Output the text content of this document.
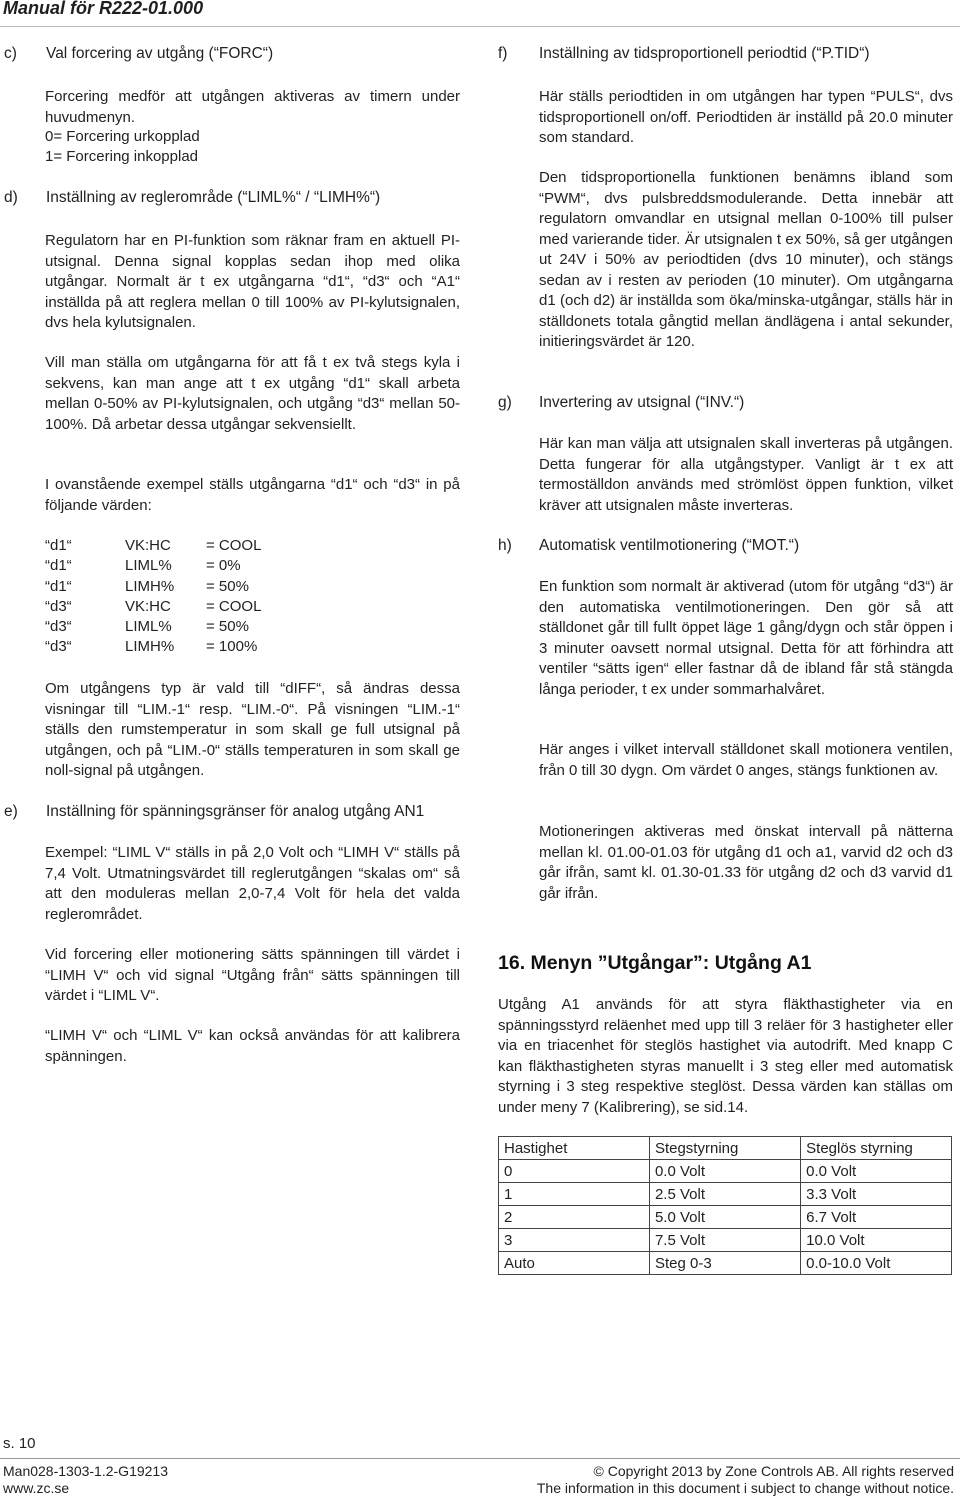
Manual för R222-01.000
c) Val forcering av utgång (“FORC“)
Forcering medför att utgången aktiveras av timern under huvudmenyn.
0= Forcering urkopplad
1= Forcering inkopplad
d) Inställning av reglerområde (“LIML%“ / “LIMH%“)
Regulatorn har en PI-funktion som räknar fram en aktuell PI-utsignal. Denna signal kopplas sedan ihop med olika utgångar. Normalt är t ex utgångarna “d1“, “d3“ och “A1“ inställda på att reglera mellan 0 till 100% av PI-kylutsignalen, dvs hela kylutsignalen.
Vill man ställa om utgångarna för att få t ex två stegs kyla i sekvens, kan man ange att t ex utgång “d1“ skall arbeta mellan 0-50% av PI-kylutsignalen, och utgång “d3“ mellan 50-100%. Då arbetar dessa utgångar sekvensiellt.
I ovanstående exempel ställs utgångarna “d1“ och “d3“ in på följande värden:
“d1“	VK:HC = COOL
“d1“	LIML% = 0%
“d1“	LIMH% = 50%
“d3“	VK:HC = COOL
“d3“	LIML% = 50%
“d3“	LIMH% = 100%
Om utgångens typ är vald till “dIFF“, så ändras dessa visningar till “LIM.-1“ resp. “LIM.-0“. På visningen “LIM.-1“ ställs den rumstemperatur in som skall ge full utsignal på utgången, och på “LIM.-0“ ställs temperaturen in som skall ge noll-signal på utgången.
e) Inställning för spänningsgränser för analog utgång AN1
Exempel: “LIML V“ ställs in på 2,0 Volt och “LIMH V“ ställs på 7,4 Volt. Utmatningsvärdet till reglerutgången “skalas om“ så att den moduleras mellan 2,0-7,4 Volt för hela det valda reglerområdet.
Vid forcering eller motionering sätts spänningen till värdet i “LIMH V“ och vid signal “Utgång från“ sätts spänningen till värdet i “LIML V“.
“LIMH V“ och “LIML V“ kan också användas för att kalibrera spänningen.
f) Inställning av tidsproportionell periodtid (“P.TID“)
Här ställs periodtiden in om utgången har typen “PULS“, dvs tidsproportionell on/off. Periodtiden är inställd på 20.0 minuter som standard.
Den tidsproportionella funktionen benämns ibland som “PWM“, dvs pulsbreddsmodulerande. Detta innebär att regulatorn omvandlar en utsignal mellan 0-100% till pulser med varierande tider. Är utsignalen t ex 50%, så ger utgången ut 24V i 50% av periodtiden (dvs 10 minuter), och stängs sedan av i resten av perioden (10 minuter). Om utgångarna d1 (och d2) är inställda som öka/minska-utgångar, ställs här in ställdonets totala gångtid mellan ändlägena i antal sekunder, initieringsvärdet är 120.
g) Invertering av utsignal (“INV.“)
Här kan man välja att utsignalen skall inverteras på utgången. Detta fungerar för alla utgångstyper. Vanligt är t ex att termoställdon används med strömlöst öppen funktion, vilket kräver att utsignalen måste inverteras.
h) Automatisk ventilmotionering (“MOT.“)
En funktion som normalt är aktiverad (utom för utgång “d3“) är den automatiska ventilmotioneringen. Den gör så att ställdonet går till fullt öppet läge 1 gång/dygn och står öppen i 3 minuter oavsett normal utsignal. Detta för att förhindra att ventiler “sätts igen“ eller fastnar då de ibland får stå stängda långa perioder, t ex under sommarhalvåret.
Här anges i vilket intervall ställdonet skall motionera ventilen, från 0 till 30 dygn. Om värdet 0 anges, stängs funktionen av.
Motioneringen aktiveras med önskat intervall på nätterna mellan kl. 01.00-01.03 för utgång d1 och a1, varvid d2 och d3 går ifrån, samt kl. 01.30-01.33 för utgång d2 och d3 varvid d1 går ifrån.
16. Menyn ”Utgångar”: Utgång A1
Utgång A1 används för att styra fläkthastigheter via en spänningsstyrd reläenhet med upp till 3 reläer för 3 hastigheter eller via en triacenhet för steglös hastighet via autodrift. Med knapp C kan fläkthastigheten styras manuellt i 3 steg eller med automatisk styrning i 3 steg respektive steglöst. Dessa värden kan ställas om under meny 7 (Kalibrering), se sid.14.
Hastighet	Stegstyrning	Steglös styrning
0	0.0 Volt	0.0 Volt
1	2.5 Volt	3.3 Volt
2	5.0 Volt	6.7 Volt
3	7.5 Volt	10.0 Volt
Auto	Steg 0-3	0.0-10.0 Volt
s. 10
Man028-1303-1.2-G19213
www.zc.se
© Copyright 2013 by Zone Controls AB. All rights reserved
The information in this document i subject to change without notice.
